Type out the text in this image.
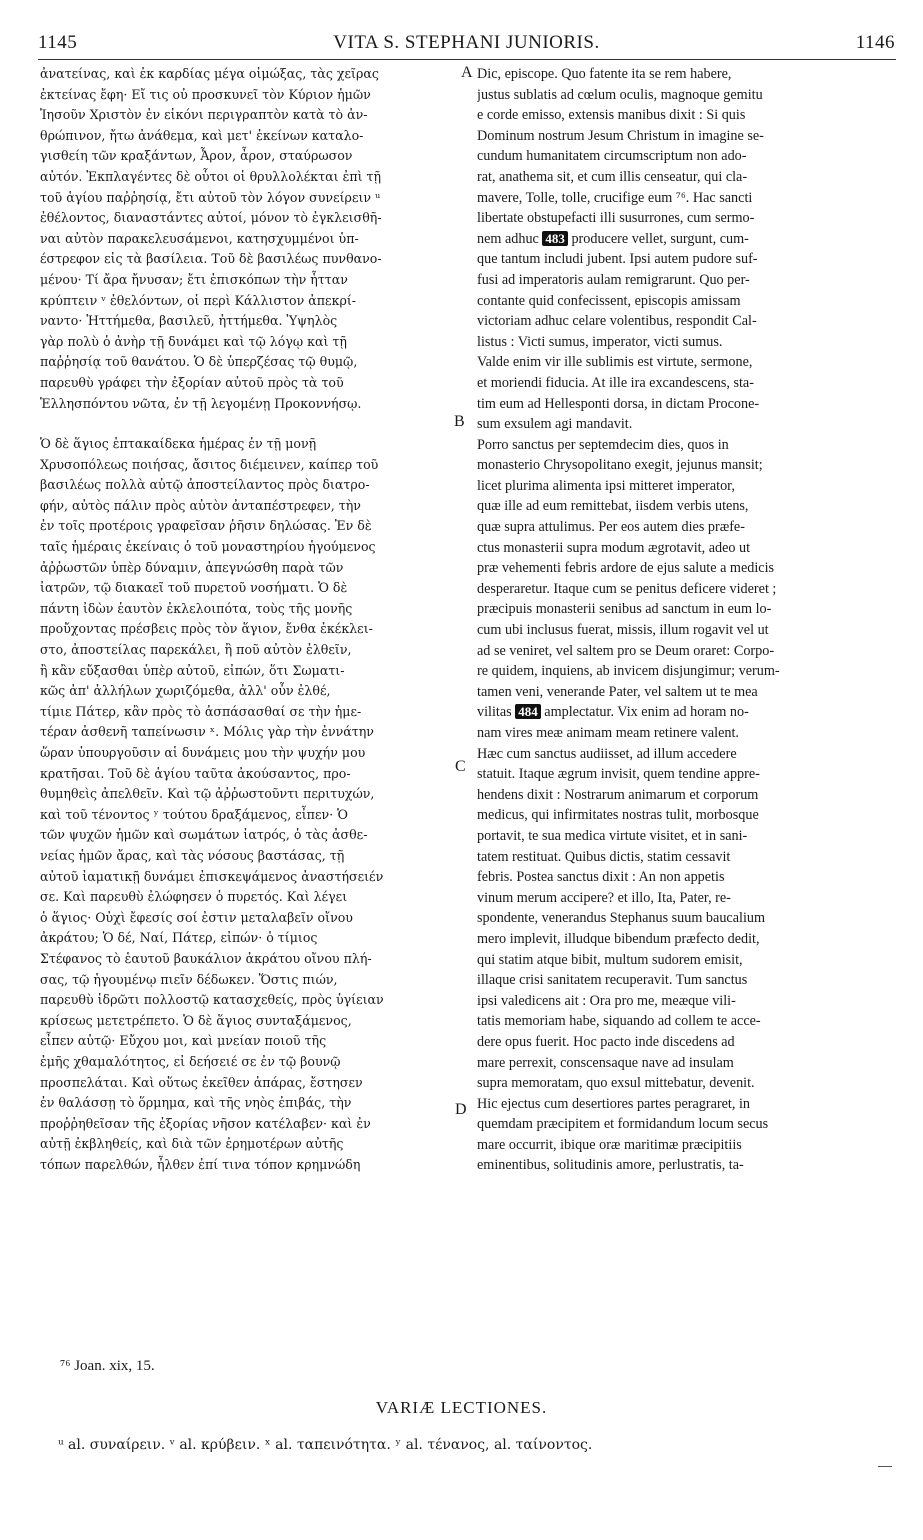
1145	VITA S. STEPHANI JUNIORIS.	1146
ἀνατείνας, καὶ ἐκ καρδίας μέγα οἰμώξας, τὰς χεῖρας
ἐκτείνας ἔφη· Εἴ τις οὐ προσκυνεῖ τὸν Κύριον ἡμῶν
Ἰησοῦν Χριστὸν ἐν εἰκόνι περιγραπτὸν κατὰ τὸ ἀν-
θρώπινον, ἤτω ἀνάθεμα, καὶ μετ' ἐκείνων καταλο-
γισθείη τῶν κραξάντων, Ἆρον, ἆρον, σταύρωσον
αὐτόν. Ἐκπλαγέντες δὲ οὗτοι οἱ θρυλλολέκται ἐπὶ τῇ
τοῦ ἁγίου παῤῥησίᾳ, ἔτι αὐτοῦ τὸν λόγον συνείρειν ᵘ
ἐθέλοντος, διαναστάντες αὐτοί, μόνον τὸ ἐγκλεισθῆ-
ναι αὐτὸν παρακελευσάμενοι, κατησχυμμένοι ὑπ-
έστρεφον εἰς τὰ βασίλεια. Τοῦ δὲ βασιλέως πυνθανο-
μένου· Τί ἄρα ἤνυσαν; ἔτι ἐπισκόπων τὴν ἧτταν
κρύπτειν ᵛ ἐθελόντων, οἱ περὶ Κάλλιστον ἀπεκρί-
ναντο· Ἡττήμεθα, βασιλεῦ, ἡττήμεθα. Ὑψηλὸς
γὰρ πολὺ ὁ ἀνὴρ τῇ δυνάμει καὶ τῷ λόγῳ καὶ τῇ
παῤῥησίᾳ τοῦ θανάτου. Ὁ δὲ ὑπερζέσας τῷ θυμῷ,
παρευθὺ γράφει τὴν ἐξορίαν αὐτοῦ πρὸς τὰ τοῦ
Ἑλλησπόντου νῶτα, ἐν τῇ λεγομένῃ Προκοννήσῳ.
Ὁ δὲ ἅγιος ἑπτακαίδεκα ἡμέρας ἐν τῇ μονῇ
Χρυσοπόλεως ποιήσας, ἄσιτος διέμεινεν, καίπερ τοῦ
βασιλέως πολλὰ αὐτῷ ἀποστείλαντος πρὸς διατρο-
φήν, αὐτὸς πάλιν πρὸς αὐτὸν ἀνταπέστρεφεν, τὴν
ἐν τοῖς προτέροις γραφεῖσαν ῥῆσιν δηλώσας. Ἐν δὲ
ταῖς ἡμέραις ἐκείναις ὁ τοῦ μοναστηρίου ἡγούμενος
ἀῤῥωστῶν ὑπὲρ δύναμιν, ἀπεγνώσθη παρὰ τῶν
ἰατρῶν, τῷ διακαεῖ τοῦ πυρετοῦ νοσήματι. Ὁ δὲ
πάντη ἰδὼν ἑαυτὸν ἐκλελοιπότα, τοὺς τῆς μονῆς
προὔχοντας πρέσβεις πρὸς τὸν ἅγιον, ἔνθα ἐκέκλει-
στο, ἀποστείλας παρεκάλει, ἢ ποῦ αὐτὸν ἐλθεῖν,
ἢ κἂν εὔξασθαι ὑπὲρ αὐτοῦ, εἰπών, ὅτι Σωματι-
κῶς ἀπ' ἀλλήλων χωριζόμεθα, ἀλλ' οὖν ἐλθέ,
τίμιε Πάτερ, κἂν πρὸς τὸ ἀσπάσασθαί σε τὴν ἡμε-
τέραν ἀσθενῆ ταπείνωσιν ˣ. Μόλις γὰρ τὴν ἐννάτην
ὥραν ὑπουργοῦσιν αἱ δυνάμεις μου τὴν ψυχήν μου
κρατῆσαι. Τοῦ δὲ ἁγίου ταῦτα ἀκούσαντος, προ-
θυμηθεὶς ἀπελθεῖν. Καὶ τῷ ἀῤῥωστοῦντι περιτυχών,
καὶ τοῦ τένοντος ʸ τούτου δραξάμενος, εἶπεν· Ὁ
τῶν ψυχῶν ἡμῶν καὶ σωμάτων ἰατρός, ὁ τὰς ἀσθε-
νείας ἡμῶν ἄρας, καὶ τὰς νόσους βαστάσας, τῇ
αὐτοῦ ἰαματικῇ δυνάμει ἐπισκεψάμενος ἀναστήσειέν
σε. Καὶ παρευθὺ ἐλώφησεν ὁ πυρετός. Καὶ λέγει
ὁ ἅγιος· Οὐχὶ ἔφεσίς σοί ἐστιν μεταλαβεῖν οἴνου
ἀκράτου; Ὁ δέ, Ναί, Πάτερ, εἰπών· ὁ τίμιος
Στέφανος τὸ ἑαυτοῦ βαυκάλιον ἀκράτου οἴνου πλή-
σας, τῷ ἡγουμένῳ πιεῖν δέδωκεν. Ὅστις πιών,
παρευθὺ ἱδρῶτι πολλοστῷ κατασχεθείς, πρὸς ὑγίειαν
κρίσεως μετετρέπετο. Ὁ δὲ ἅγιος συνταξάμενος,
εἶπεν αὐτῷ· Εὔχου μοι, καὶ μνείαν ποιοῦ τῆς
ἐμῆς χθαμαλότητος, εἰ δεήσειέ σε ἐν τῷ βουνῷ
προσπελάται. Καὶ οὕτως ἐκεῖθεν ἀπάρας, ἔστησεν
ἐν θαλάσσῃ τὸ ὅρμημα, καὶ τῆς νηὸς ἐπιβάς, τὴν
προῤῥηθεῖσαν τῆς ἐξορίας νῆσον κατέλαβεν· καὶ ἐν
αὐτῇ ἐκβληθείς, καὶ διὰ τῶν ἐρημοτέρων αὐτῆς
τόπων παρελθών, ἦλθεν ἐπί τινα τόπον κρημνώδη
Dic, episcope. Quo fatente ita se rem habere,
justus sublatis ad cœlum oculis, magnoque gemitu
e corde emisso, extensis manibus dixit : Si quis
Dominum nostrum Jesum Christum in imagine se-
cundum humanitatem circumscriptum non ado-
rat, anathema sit, et cum illis censeatur, qui cla-
mavere, Tolle, tolle, crucifige eum ⁷⁶. Hac sancti
libertate obstupefacti illi susurrones, cum sermo-
nem adhuc 483 producere vellet, surgunt, cum-
que tantum includi jubent. Ipsi autem pudore suf-
fusi ad imperatoris aulam remigrarunt. Quo per-
contante quid confecissent, episcopis amissam
victoriam adhuc celare volentibus, respondit Cal-
listus : Victi sumus, imperator, victi sumus.
Valde enim vir ille sublimis est virtute, sermone,
et moriendi fiducia. At ille ira excandescens, sta-
tim eum ad Hellesponti dorsa, in dictam Procone-
sum exsulem agi mandavit.
Porro sanctus per septemdecim dies, quos in
monasterio Chrysopolitano exegit, jejunus mansit;
licet plurima alimenta ipsi mitteret imperator,
quæ ille ad eum remittebat, iisdem verbis utens,
quæ supra attulimus. Per eos autem dies præfe-
ctus monasterii supra modum ægrotavit, adeo ut
præ vehementi febris ardore de ejus salute a medicis
desperaretur. Itaque cum se penitus deficere videret ;
præcipuis monasterii senibus ad sanctum in eum lo-
cum ubi inclusus fuerat, missis, illum rogavit vel ut
ad se veniret, vel saltem pro se Deum oraret: Corpo-
re quidem, inquiens, ab invicem disjungimur; verum-
tamen veni, venerande Pater, vel saltem ut te mea
vilitas 484 amplectatur. Vix enim ad horam no-
nam vires meæ animam meam retinere valent.
Hæc cum sanctus audiisset, ad illum accedere
statuit. Itaque ægrum invisit, quem tendine appre-
hendens dixit : Nostrarum animarum et corporum
medicus, qui infirmitates nostras tulit, morbosque
portavit, te sua medica virtute visitet, et in sani-
tatem restituat. Quibus dictis, statim cessavit
febris. Postea sanctus dixit : An non appetis
vinum merum accipere? et illo, Ita, Pater, re-
spondente, venerandus Stephanus suum baucalium
mero implevit, illudque bibendum præfecto dedit,
qui statim atque bibit, multum sudorem emisit,
illaque crisi sanitatem recuperavit. Tum sanctus
ipsi valedicens ait : Ora pro me, meæque vili-
tatis memoriam habe, siquando ad collem te acce-
dere opus fuerit. Hoc pacto inde discedens ad
mare perrexit, conscensaque nave ad insulam
supra memoratam, quo exsul mittebatur, devenit.
Hic ejectus cum desertiores partes peragraret, in
quemdam præcipitem et formidandum locum secus
mare occurrit, ibique oræ maritimæ præcipitiis
eminentibus, solitudinis amore, perlustratis, ta-
A
B
C
D
⁷⁶ Joan. xix, 15.
VARIÆ LECTIONES.
ᵘ al. συναίρειν. ᵛ al. κρύβειν. ˣ al. ταπεινότητα. ʸ al. τένανος, al. ταίνοντος.
